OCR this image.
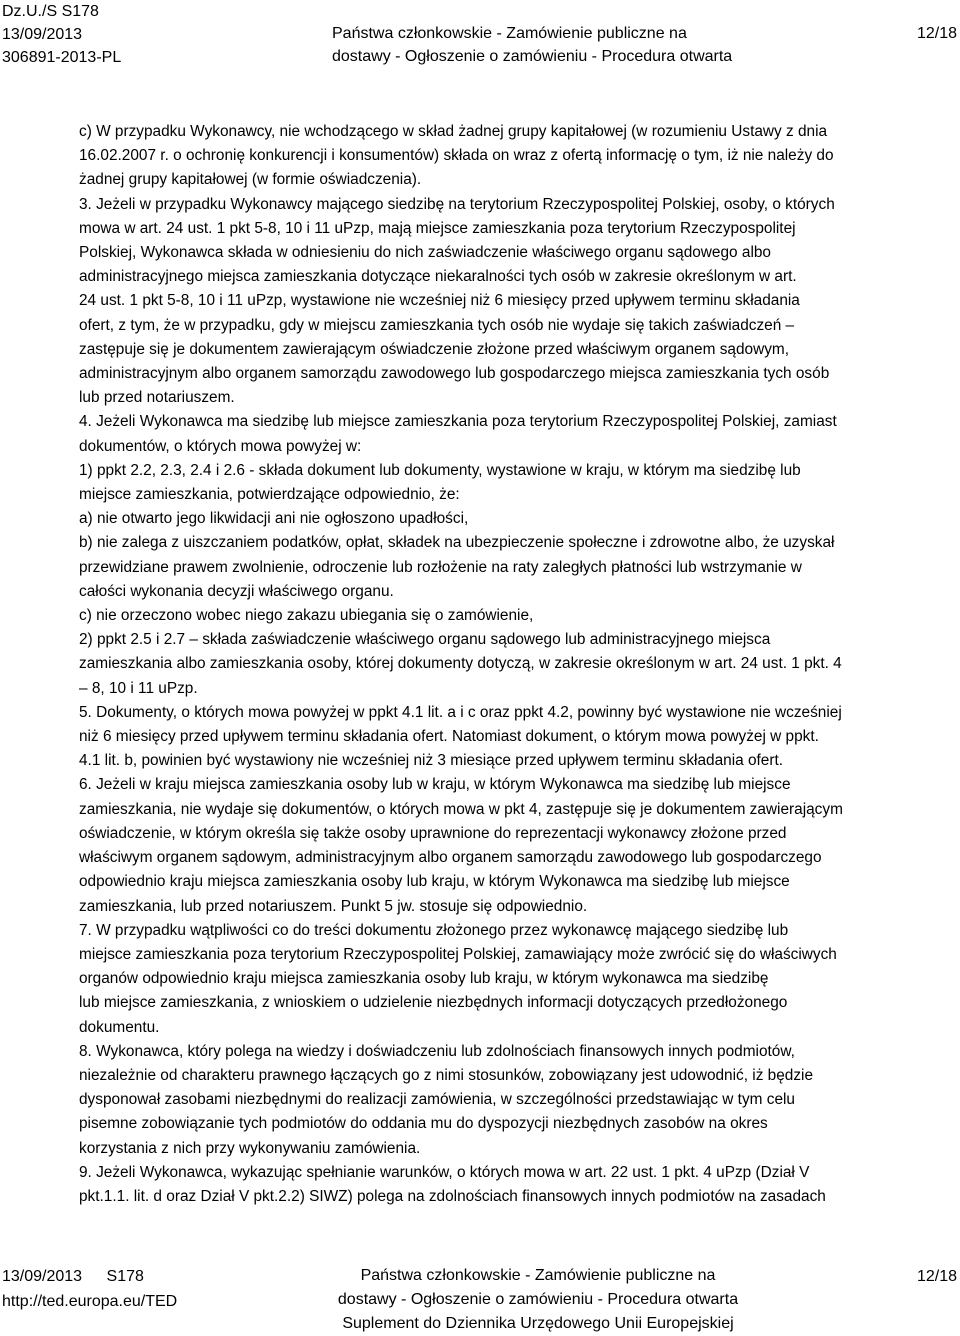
Dz.U./S S178
13/09/2013
306891-2013-PL
Państwa członkowskie - Zamówienie publiczne na
dostawy - Ogłoszenie o zamówieniu - Procedura otwarta
12/18

c) W przypadku Wykonawcy, nie wchodzącego w skład żadnej grupy kapitałowej (w rozumieniu Ustawy z dnia

16.02.2007 r. o ochronię konkurencji i konsumentów) składa on wraz z ofertą informację o tym, iż nie należy do

żadnej grupy kapitałowej (w formie oświadczenia).

3. Jeżeli w przypadku Wykonawcy mającego siedzibę na terytorium Rzeczypospolitej Polskiej, osoby, o których

mowa w art. 24 ust. 1 pkt 5-8, 10 i 11 uPzp, mają miejsce zamieszkania poza terytorium Rzeczypospolitej

Polskiej, Wykonawca składa w odniesieniu do nich zaświadczenie właściwego organu sądowego albo

administracyjnego miejsca zamieszkania dotyczące niekaralności tych osób w zakresie określonym w art.

24 ust. 1 pkt 5-8, 10 i 11 uPzp, wystawione nie wcześniej niż 6 miesięcy przed upływem terminu składania

ofert, z tym, że w przypadku, gdy w miejscu zamieszkania tych osób nie wydaje się takich zaświadczeń –

zastępuje się je dokumentem zawierającym oświadczenie złożone przed właściwym organem sądowym,

administracyjnym albo organem samorządu zawodowego lub gospodarczego miejsca zamieszkania tych osób

lub przed notariuszem.

4. Jeżeli Wykonawca ma siedzibę lub miejsce zamieszkania poza terytorium Rzeczypospolitej Polskiej, zamiast

dokumentów, o których mowa powyżej w:

1) ppkt 2.2, 2.3, 2.4 i 2.6 - składa dokument lub dokumenty, wystawione w kraju, w którym ma siedzibę lub

miejsce zamieszkania, potwierdzające odpowiednio, że:

a) nie otwarto jego likwidacji ani nie ogłoszono upadłości,

b) nie zalega z uiszczaniem podatków, opłat, składek na ubezpieczenie społeczne i zdrowotne albo, że uzyskał

przewidziane prawem zwolnienie, odroczenie lub rozłożenie na raty zaległych płatności lub wstrzymanie w

całości wykonania decyzji właściwego organu.

c) nie orzeczono wobec niego zakazu ubiegania się o zamówienie,

2) ppkt 2.5 i 2.7 – składa zaświadczenie właściwego organu sądowego lub administracyjnego miejsca

zamieszkania albo zamieszkania osoby, której dokumenty dotyczą, w zakresie określonym w art. 24 ust. 1 pkt. 4

– 8, 10 i 11 uPzp.

5. Dokumenty, o których mowa powyżej w ppkt 4.1 lit. a i c oraz ppkt 4.2, powinny być wystawione nie wcześniej

niż 6 miesięcy przed upływem terminu składania ofert. Natomiast dokument, o którym mowa powyżej w ppkt.

4.1 lit. b, powinien być wystawiony nie wcześniej niż 3 miesiące przed upływem terminu składania ofert.

6. Jeżeli w kraju miejsca zamieszkania osoby lub w kraju, w którym Wykonawca ma siedzibę lub miejsce

zamieszkania, nie wydaje się dokumentów, o których mowa w pkt 4, zastępuje się je dokumentem zawierającym

oświadczenie, w którym określa się także osoby uprawnione do reprezentacji wykonawcy złożone przed

właściwym organem sądowym, administracyjnym albo organem samorządu zawodowego lub gospodarczego

odpowiednio kraju miejsca zamieszkania osoby lub kraju, w którym Wykonawca ma siedzibę lub miejsce

zamieszkania, lub przed notariuszem. Punkt 5 jw. stosuje się odpowiednio.

7. W przypadku wątpliwości co do treści dokumentu złożonego przez wykonawcę mającego siedzibę lub

miejsce zamieszkania poza terytorium Rzeczypospolitej Polskiej, zamawiający może zwrócić się do właściwych

organów odpowiednio kraju miejsca zamieszkania osoby lub kraju, w którym wykonawca ma siedzibę

lub miejsce zamieszkania, z wnioskiem o udzielenie niezbędnych informacji dotyczących przedłożonego

dokumentu.

8. Wykonawca, który polega na wiedzy i doświadczeniu lub zdolnościach finansowych innych podmiotów,

niezależnie od charakteru prawnego łączących go z nimi stosunków, zobowiązany jest udowodnić, iż będzie

dysponował zasobami niezbędnymi do realizacji zamówienia, w szczególności przedstawiając w tym celu

pisemne zobowiązanie tych podmiotów do oddania mu do dyspozycji niezbędnych zasobów na okres

korzystania z nich przy wykonywaniu zamówienia.

9. Jeżeli Wykonawca, wykazując spełnianie warunków, o których mowa w art. 22 ust. 1 pkt. 4 uPzp (Dział V

pkt.1.1. lit. d oraz Dział V pkt.2.2) SIWZ) polega na zdolnościach finansowych innych podmiotów na zasadach

13/09/2013 S178
http://ted.europa.eu/TED
Państwa członkowskie - Zamówienie publiczne na
dostawy - Ogłoszenie o zamówieniu - Procedura otwarta
Suplement do Dziennika Urzędowego Unii Europejskiej
12/18
